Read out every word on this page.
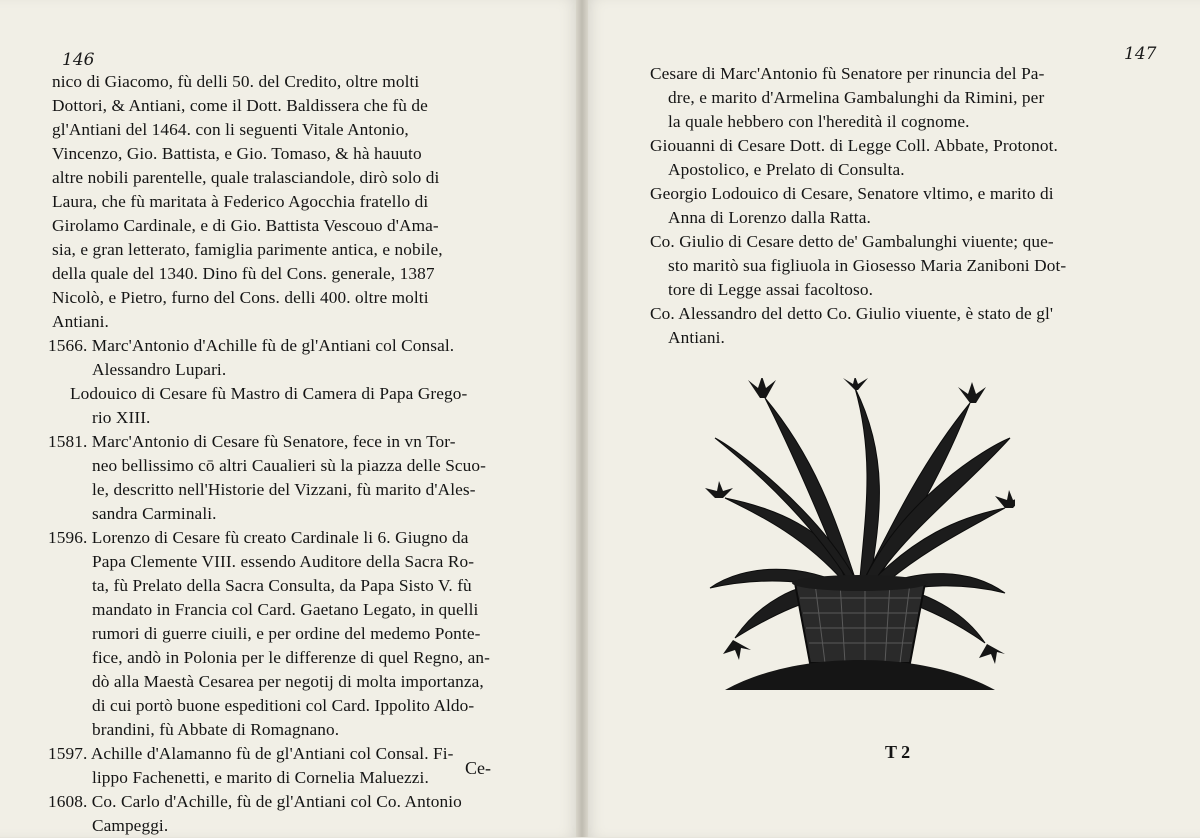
146
nico di Giacomo, fù delli 50. del Credito, oltre molti
Dottori, & Antiani, come il Dott. Baldissera che fù de
gl'Antiani del 1464. con li seguenti Vitale Antonio,
Vincenzo, Gio. Battista, e Gio. Tomaso, & hà hauuto
altre nobili parentelle, quale tralasciandole, dirò solo di
Laura, che fù maritata à Federico Agocchia fratello di
Girolamo Cardinale, e di Gio. Battista Vescouo d'Ama-
sia, e gran letterato, famiglia parimente antica, e nobile,
della quale del 1340. Dino fù del Cons. generale, 1387
Nicolò, e Pietro, furno del Cons. delli 400. oltre molti
Antiani.
1566. Marc'Antonio d'Achille fù de gl'Antiani col Consal.
Alessandro Lupari.
Lodouico di Cesare fù Mastro di Camera di Papa Grego-
rio XIII.
1581. Marc'Antonio di Cesare fù Senatore, fece in vn Tor-
neo bellissimo cō altri Caualieri sù la piazza delle Scuo-
le, descritto nell'Historie del Vizzani, fù marito d'Ales-
sandra Carminali.
1596. Lorenzo di Cesare fù creato Cardinale li 6. Giugno da
Papa Clemente VIII. essendo Auditore della Sacra Ro-
ta, fù Prelato della Sacra Consulta, da Papa Sisto V. fù
mandato in Francia col Card. Gaetano Legato, in quelli
rumori di guerre ciuili, e per ordine del medemo Ponte-
fice, andò in Polonia per le differenze di quel Regno, an-
dò alla Maestà Cesarea per negotij di molta importanza,
di cui portò buone espeditioni col Card. Ippolito Aldo-
brandini, fù Abbate di Romagnano.
1597. Achille d'Alamanno fù de gl'Antiani col Consal. Fi-
lippo Fachenetti, e marito di Cornelia Maluezzi.
1608. Co. Carlo d'Achille, fù de gl'Antiani col Co. Antonio
Campeggi.
Ce-
147
Cesare di Marc'Antonio fù Senatore per rinuncia del Pa-
dre, e marito d'Armelina Gambalunghi da Rimini, per
la quale hebbero con l'heredità il cognome.
Giouanni di Cesare Dott. di Legge Coll. Abbate, Protonot.
Apostolico, e Prelato di Consulta.
Georgio Lodouico di Cesare, Senatore vltimo, e marito di
Anna di Lorenzo dalla Ratta.
Co. Giulio di Cesare detto de' Gambalunghi viuente; que-
sto maritò sua figliuola in Giosesso Maria Zaniboni Dot-
tore di Legge assai facoltoso.
Co. Alessandro del detto Co. Giulio viuente, è stato de gl'
Antiani.
T 2
